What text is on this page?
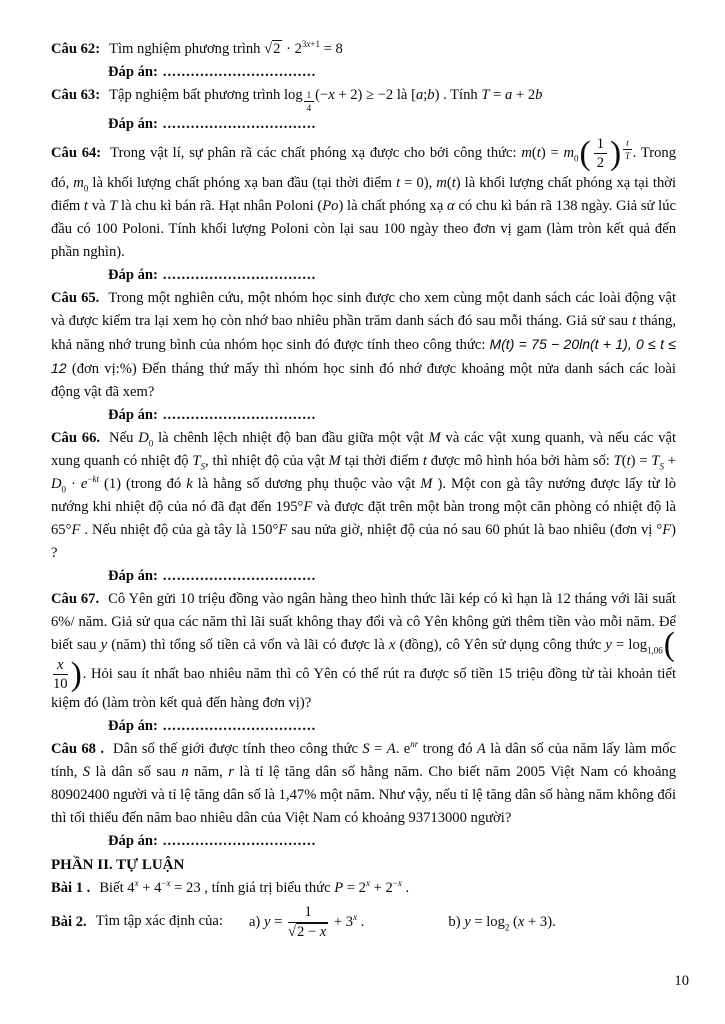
Câu 62: Tìm nghiệm phương trình $√2 \cdot 2^{3x+1} = 8$

Đáp án: .................................

Câu 63: Tập nghiệm bất phương trình log $_{\frac{1}{4}}$ (−x + 2) ≥ −2 là [a;b) . Tính T = a + 2b

Đáp án: .................................

Câu 64: Trong vật lí, sự phân rã các chất phóng xạ được cho bởi công thức: $m(t) = m_0( \frac{1}{2}$ ) $^{\frac{t}{T}}$ . Trong đó, $m_0$ là khối lượng chất phóng xạ ban đầu (tại thời điểm t = 0), m(t) là khối lượng chất phóng xạ tại thời điểm t và T là chu kì bán rã. Hạt nhân Poloni (Po) là chất phóng xạ α có chu kì bán rã 138 ngày. Giả sử lúc đầu có 100 Poloni. Tính khối lượng Poloni còn lại sau 100 ngày theo đơn vị gam (làm tròn kết quả đến phần nghìn).

Đáp án: .................................

Câu 65. Trong một nghiên cứu, một nhóm học sinh được cho xem cùng một danh sách các loài động vật và được kiểm tra lại xem họ còn nhớ bao nhiêu phần trăm danh sách đó sau mỗi tháng. Giả sử sau t tháng, khả năng nhớ trung bình của nhóm học sinh đó được tính theo công thức: M(t) = 75 − 20ln(t + 1), 0 ≤ t ≤ 12 (đơn vị:%) Đến tháng thứ mấy thì nhóm học sinh đó nhớ được khoảng một nửa danh sách các loài động vật đã xem?

Đáp án: .................................

Câu 66. Nếu $D_0$ là chênh lệch nhiệt độ ban đầu giữa một vật M và các vật xung quanh, và nếu các vật xung quanh có nhiệt độ $T_S$, thì nhiệt độ của vật M tại thời điểm t được mô hình hóa bởi hàm số: $T(t) = T_S + D_0 \cdot e^{-kt}$ (1) (trong đó k là hằng số dương phụ thuộc vào vật M ). Một con gà tây nướng được lấy từ lò nướng khi nhiệt độ của nó đã đạt đến 195°F và được đặt trên một bàn trong một căn phòng có nhiệt độ là 65°F . Nếu nhiệt độ của gà tây là 150°F sau nửa giờ, nhiệt độ của nó sau 60 phút là bao nhiêu (đơn vị °F) ?

Đáp án: .................................

Câu 67. Cô Yên gửi 10 triệu đồng vào ngân hàng theo hình thức lãi kép có kì hạn là 12 tháng với lãi suất 6%/ năm. Giả sử qua các năm thì lãi suất không thay đổi và cô Yên không gửi thêm tiền vào mỗi năm. Để biết sau y (năm) thì tổng số tiền cả vốn và lãi có được là x (đồng), cô Yên sử dụng công thức $y = \log_{1,06}$(
$\frac{x}{10}$ ). Hỏi sau ít nhất bao nhiêu năm thì cô Yên có thể rút ra được số tiền 15 triệu đồng từ tài khoản tiết kiệm đó (làm tròn kết quả đến hàng đơn vị)?

Đáp án: .................................

Câu 68 . Dân số thế giới được tính theo công thức S = A. $e^{nr}$ trong đó A là dân số của năm lấy làm mốc tính, S là dân số sau n năm, r là tỉ lệ tăng dân số hằng năm. Cho biết năm 2005 Việt Nam có khoảng 80902400 người và tỉ lệ tăng dân số là 1,47% một năm. Như vậy, nếu tỉ lệ tăng dân số hàng năm không đổi thì tối thiểu đến năm bao nhiêu dân của Việt Nam có khoảng 93713000 người?

Đáp án: .................................

PHẦN II. TỰ LUẬN

Bài 1 . Biết $4^x + 4^{-x} = 23$ , tính giá trị biểu thức $P = 2^x + 2^{-x}$ .

Bài 2. Tìm tập xác định của: a) $y = \frac{1}{√2 - x} + 3^x$ .	b) $y = \log_2 (x + 3)$.

10
